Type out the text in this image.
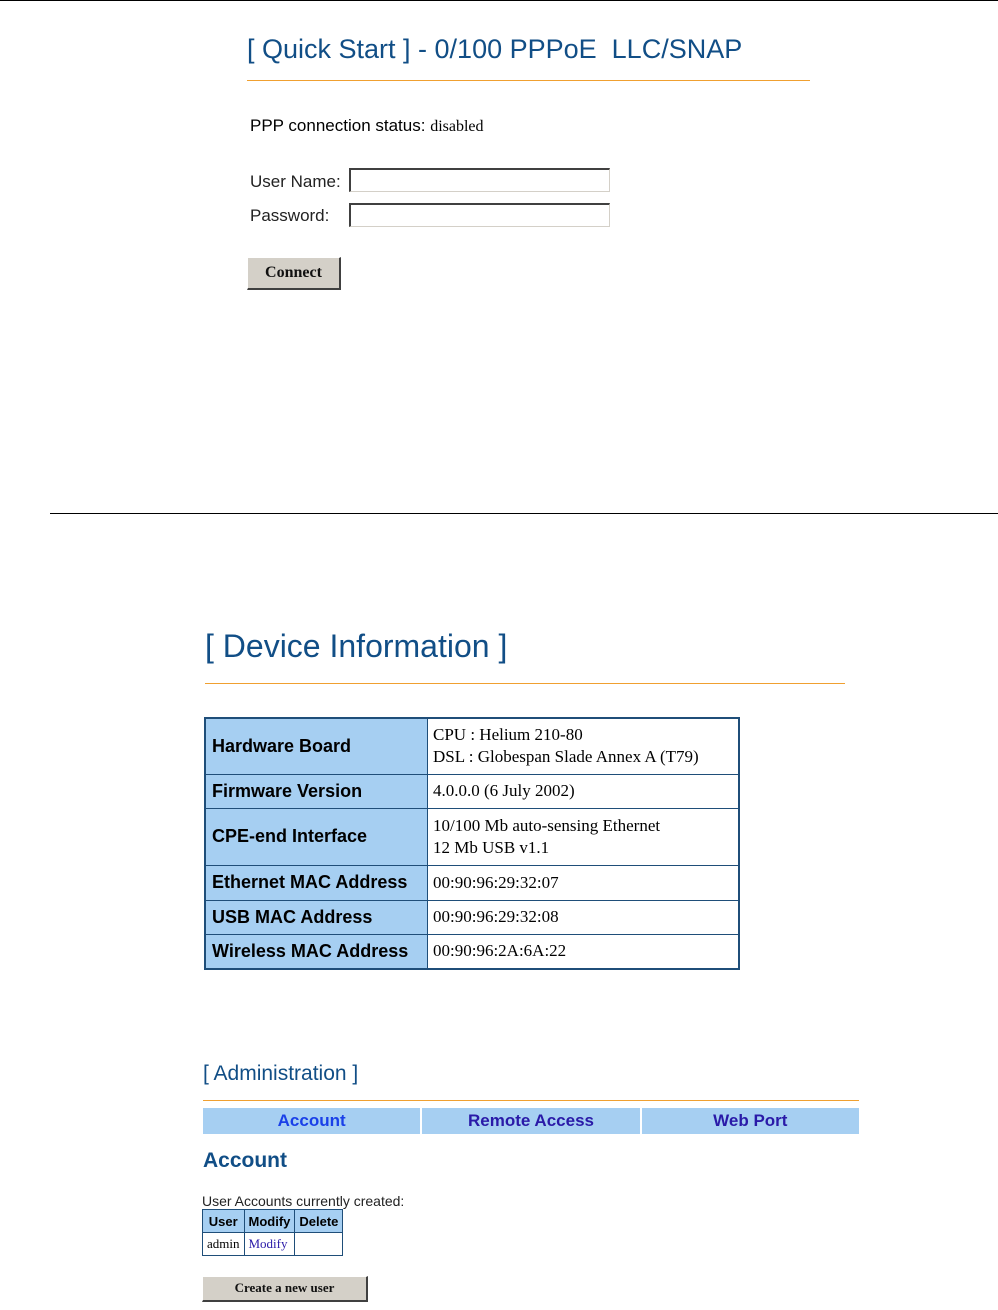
[ Quick Start ] - 0/100 PPPoE  LLC/SNAP
PPP connection status: disabled
User Name:
Password:
Connect
[ Device Information ]
Hardware Board	CPU : Helium 210-80
DSL : Globespan Slade Annex A (T79)

Firmware Version	4.0.0.0 (6 July 2002)

CPE-end Interface	10/100 Mb auto-sensing Ethernet
12 Mb USB v1.1

Ethernet MAC Address	00:90:96:29:32:07

USB MAC Address	00:90:96:29:32:08

Wireless MAC Address	00:90:96:2A:6A:22
[ Administration ]
Account	Remote Access	Web Port
Account
User Accounts currently created:
User	Modify	Delete
admin	Modify	
Create a new user
